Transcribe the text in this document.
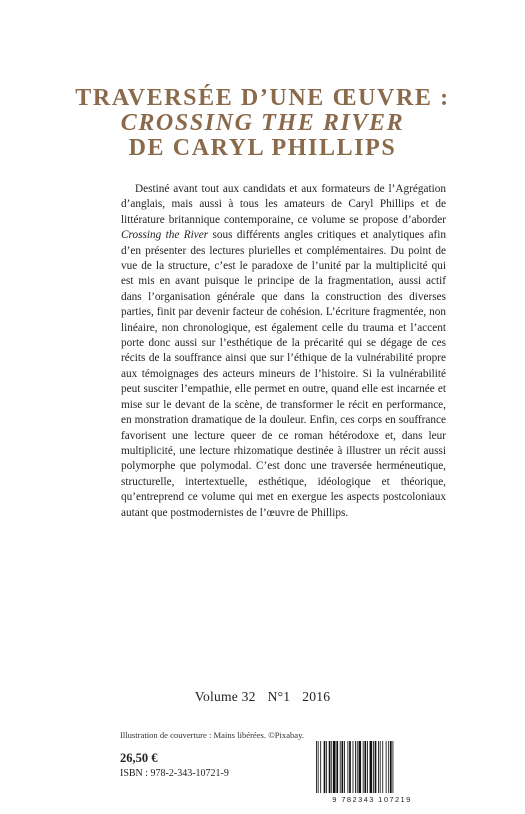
TRAVERSÉE D’UNE ŒUVRE :
CROSSING THE RIVER
DE CARYL PHILLIPS

Destiné avant tout aux candidats et aux formateurs de l’Agrégation d’anglais, mais aussi à tous les amateurs de Caryl Phillips et de littérature britannique contemporaine, ce volume se propose d’aborder Crossing the River sous différents angles critiques et analytiques afin d’en présenter des lectures plurielles et complémentaires. Du point de vue de la structure, c’est le paradoxe de l’unité par la multiplicité qui est mis en avant puisque le principe de la fragmentation, aussi actif dans l’organisation générale que dans la construction des diverses parties, finit par devenir facteur de cohésion. L’écriture fragmentée, non linéaire, non chronologique, est également celle du trauma et l’accent porte donc aussi sur l’esthétique de la précarité qui se dégage de ces récits de la souffrance ainsi que sur l’éthique de la vulnérabilité propre aux témoignages des acteurs mineurs de l’histoire. Si la vulnérabilité peut susciter l’empathie, elle permet en outre, quand elle est incarnée et mise sur le devant de la scène, de transformer le récit en performance, en monstration dramatique de la douleur. Enfin, ces corps en souffrance favorisent une lecture queer de ce roman hétérodoxe et, dans leur multiplicité, une lecture rhizomatique destinée à illustrer un récit aussi polymorphe que polymodal. C’est donc une traversée herméneutique, structurelle, intertextuelle, esthétique, idéologique et théorique, qu’entreprend ce volume qui met en exergue les aspects postcoloniaux autant que postmodernistes de l’œuvre de Phillips.

Volume 32 N°1 2016
Illustration de couverture : Mains libérées. ©Pixabay.
26,50 €
ISBN : 978-2-343-10721-9
9 782343 107219
